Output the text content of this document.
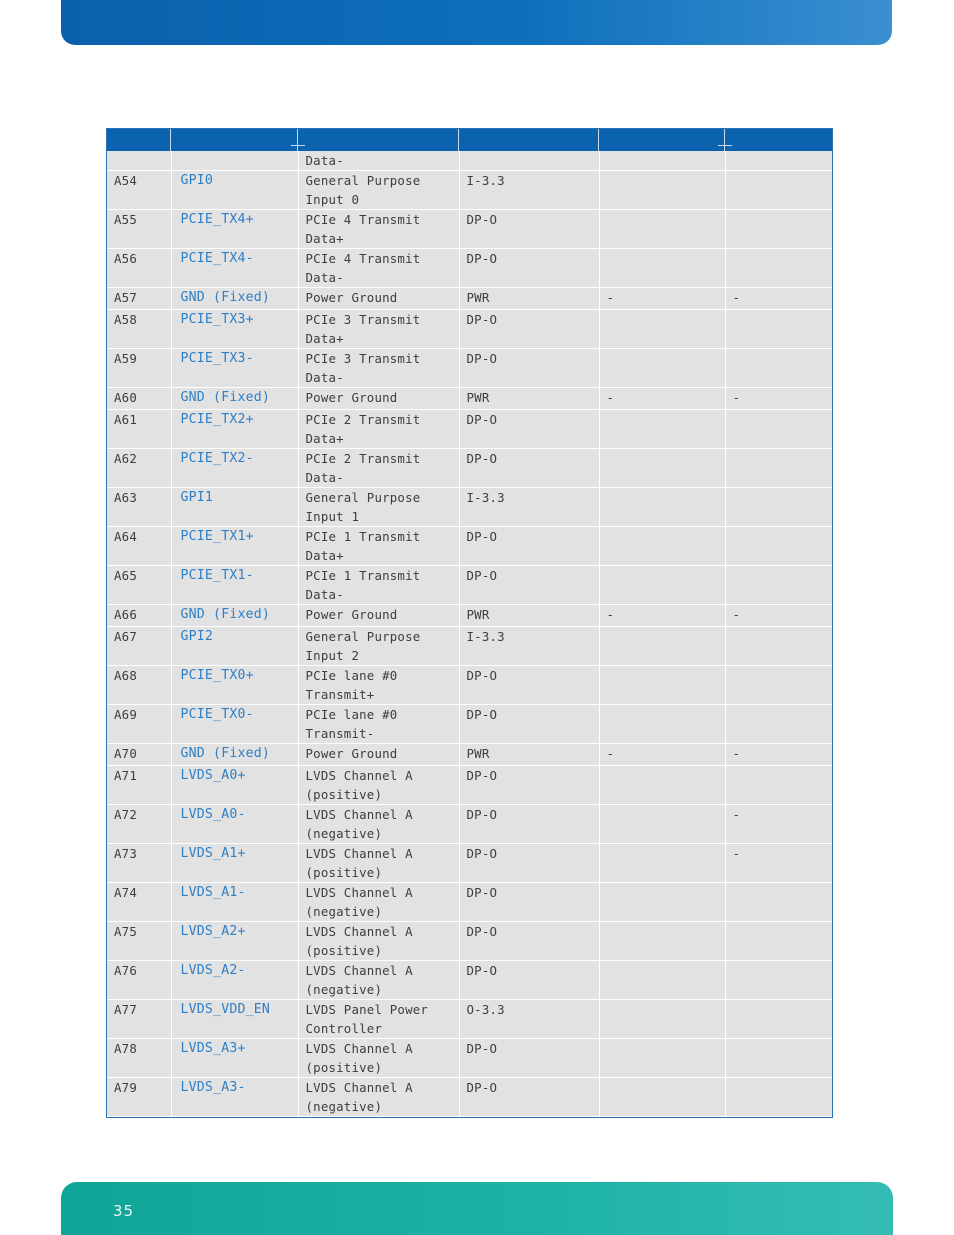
		Data-			
A54	GPI0	General Purpose
Input 0	I-3.3		
A55	PCIE_TX4+	PCIe 4 Transmit
Data+	DP-O		
A56	PCIE_TX4-	PCIe 4 Transmit
Data-	DP-O		
A57	GND (Fixed)	Power Ground	PWR	-	-
A58	PCIE_TX3+	PCIe 3 Transmit
Data+	DP-O		
A59	PCIE_TX3-	PCIe 3 Transmit
Data-	DP-O		
A60	GND (Fixed)	Power Ground	PWR	-	-
A61	PCIE_TX2+	PCIe 2 Transmit
Data+	DP-O		
A62	PCIE_TX2-	PCIe 2 Transmit
Data-	DP-O		
A63	GPI1	General Purpose
Input 1	I-3.3		
A64	PCIE_TX1+	PCIe 1 Transmit
Data+	DP-O		
A65	PCIE_TX1-	PCIe 1 Transmit
Data-	DP-O		
A66	GND (Fixed)	Power Ground	PWR	-	-
A67	GPI2	General Purpose
Input 2	I-3.3		
A68	PCIE_TX0+	PCIe lane #0
Transmit+	DP-O		
A69	PCIE_TX0-	PCIe lane #0
Transmit-	DP-O		
A70	GND (Fixed)	Power Ground	PWR	-	-
A71	LVDS_A0+	LVDS Channel A
(positive)	DP-O		
A72	LVDS_A0-	LVDS Channel A
(negative)	DP-O		-
A73	LVDS_A1+	LVDS Channel A
(positive)	DP-O		-
A74	LVDS_A1-	LVDS Channel A
(negative)	DP-O		
A75	LVDS_A2+	LVDS Channel A
(positive)	DP-O		
A76	LVDS_A2-	LVDS Channel A
(negative)	DP-O		
A77	LVDS_VDD_EN	LVDS Panel Power
Controller	O-3.3		
A78	LVDS_A3+	LVDS Channel A
(positive)	DP-O		
A79	LVDS_A3-	LVDS Channel A
(negative)	DP-O		
35
